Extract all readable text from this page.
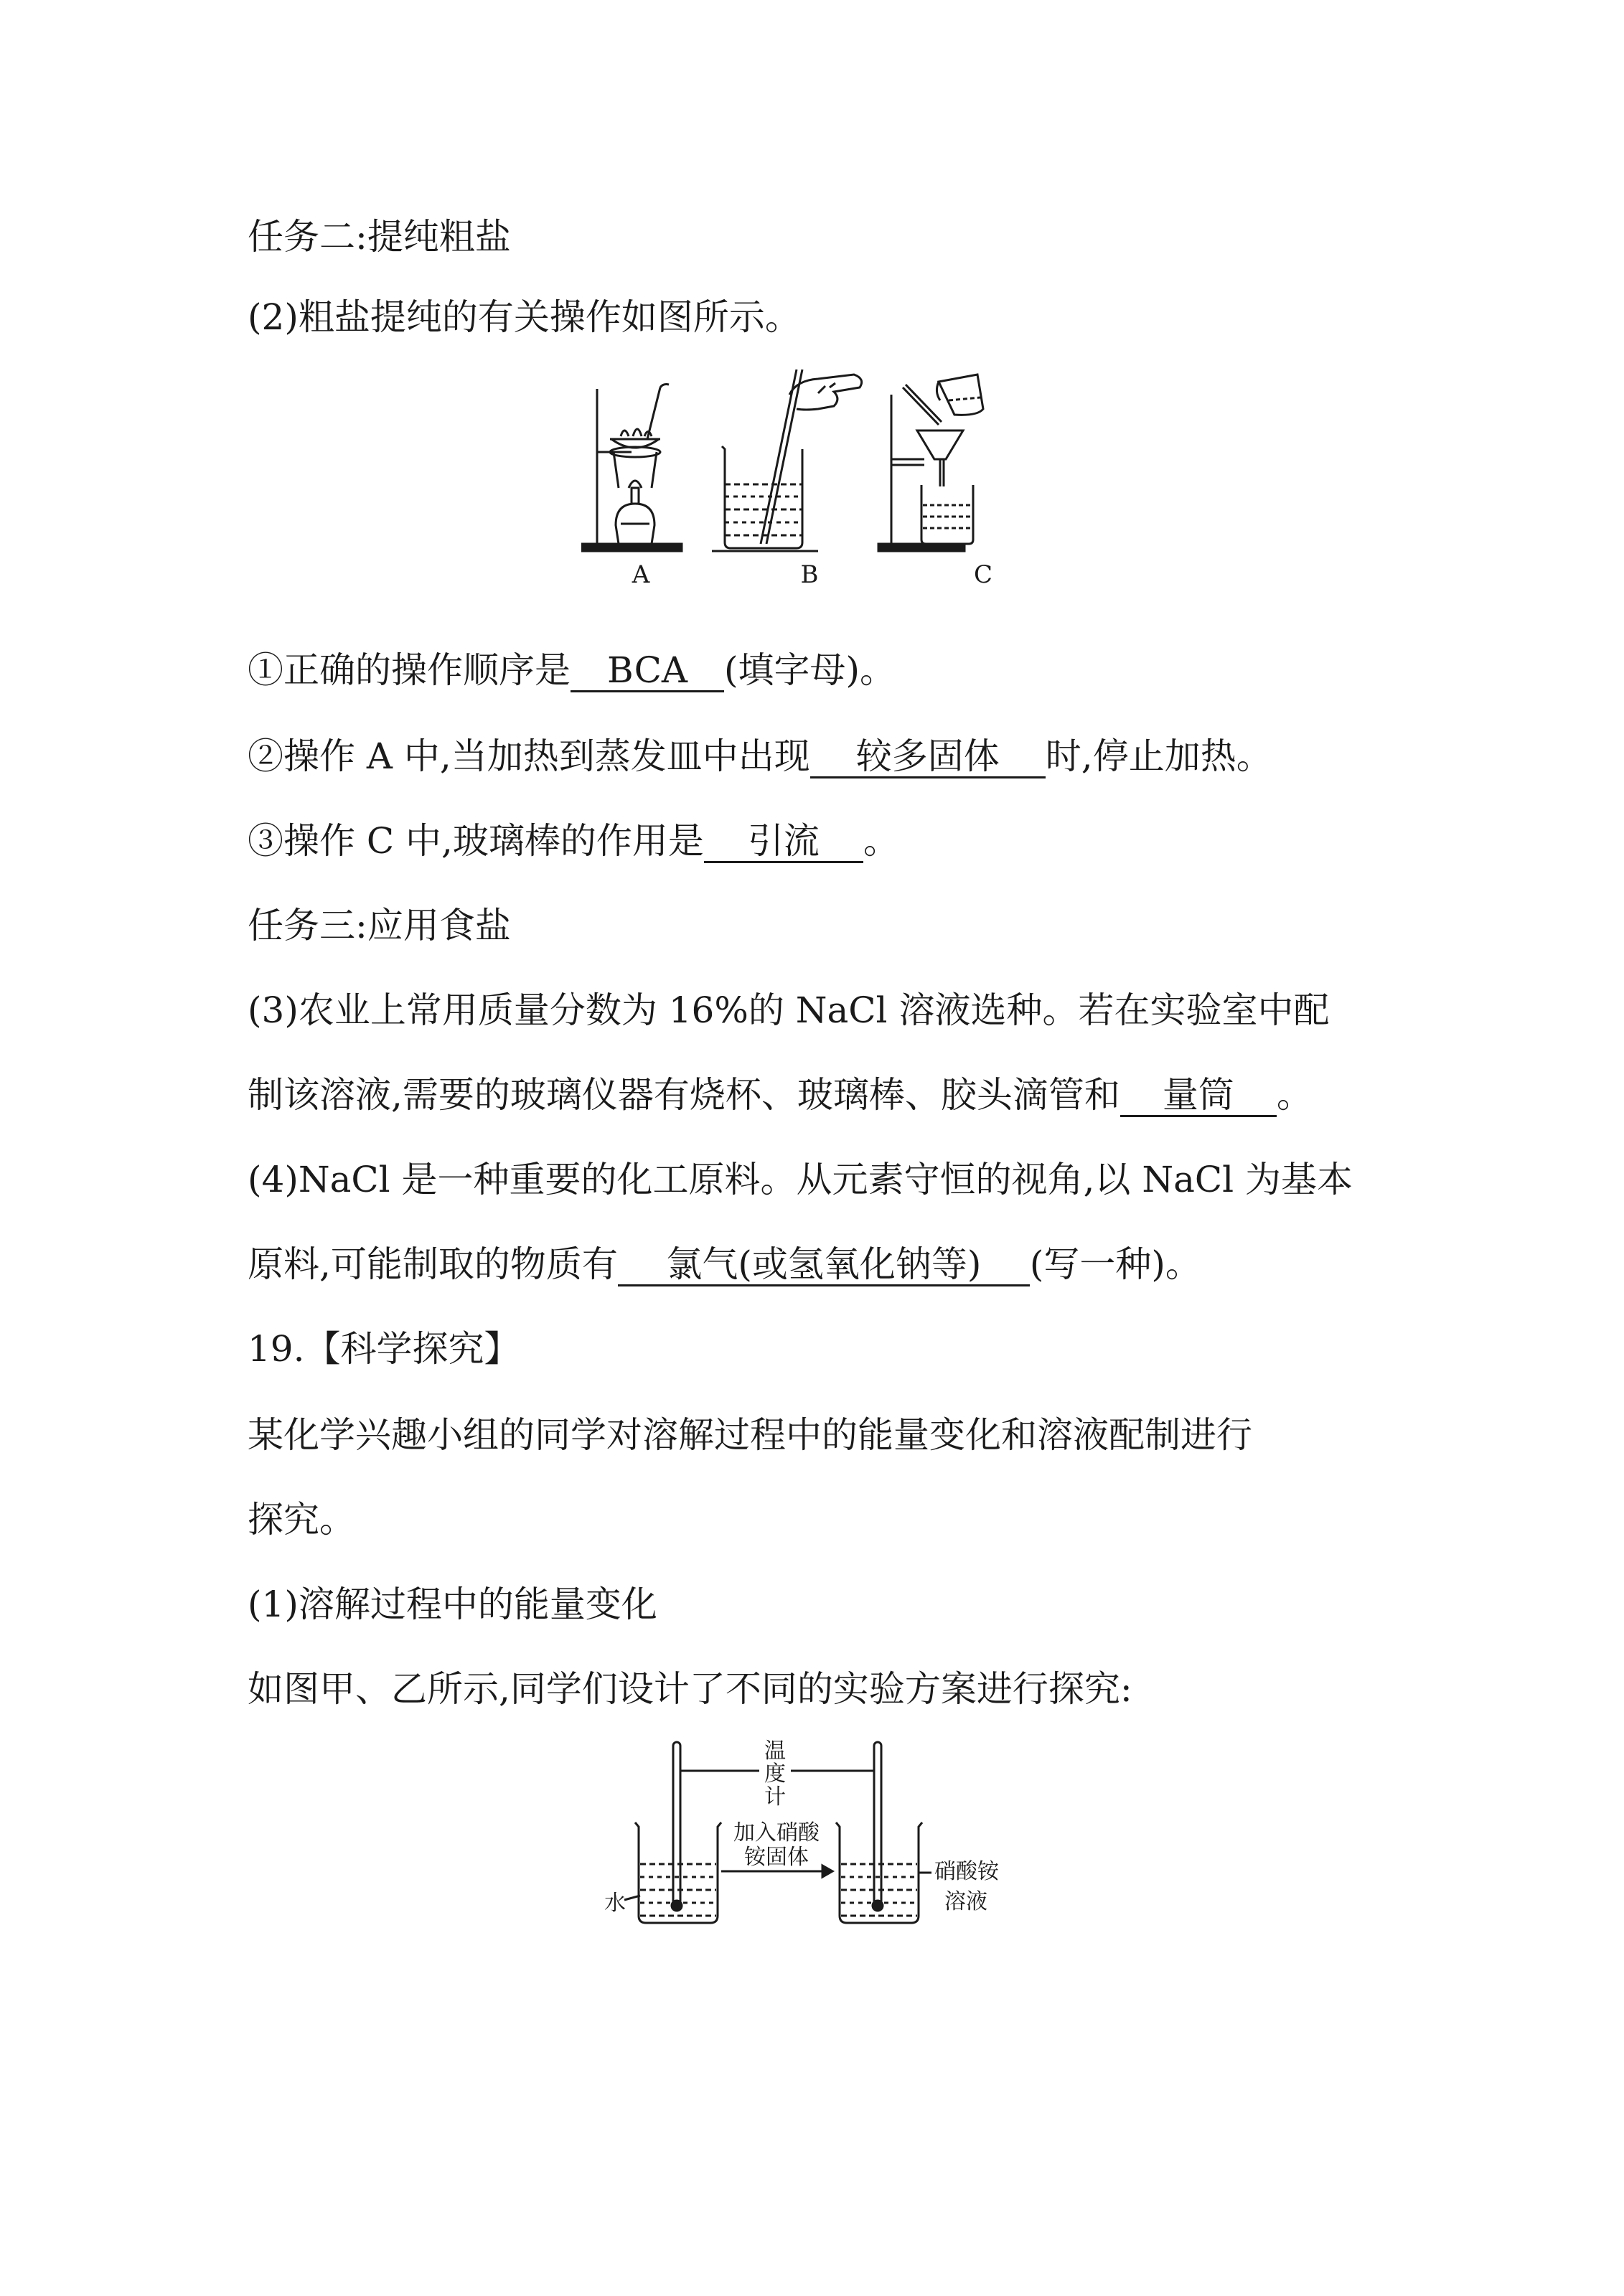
任务二:提纯粗盐
(2)粗盐提纯的有关操作如图所示。
A	B	C
①正确的操作顺序是 BCA (填字母)。
②操作 A 中,当加热到蒸发皿中出现 较多固体 时,停止加热。
③操作 C 中,玻璃棒的作用是 引流 。
任务三:应用食盐
(3)农业上常用质量分数为 16%的 NaCl 溶液选种。若在实验室中配
制该溶液,需要的玻璃仪器有烧杯、玻璃棒、胶头滴管和 量筒 。
(4)NaCl 是一种重要的化工原料。从元素守恒的视角,以 NaCl 为基本
原料,可能制取的物质有 氯气(或氢氧化钠等) (写一种)。
19.【科学探究】
某化学兴趣小组的同学对溶解过程中的能量变化和溶液配制进行
探究。
(1)溶解过程中的能量变化
如图甲、乙所示,同学们设计了不同的实验方案进行探究:
温
度
计
加入硝酸
铵固体
水
硝酸铵
溶液
